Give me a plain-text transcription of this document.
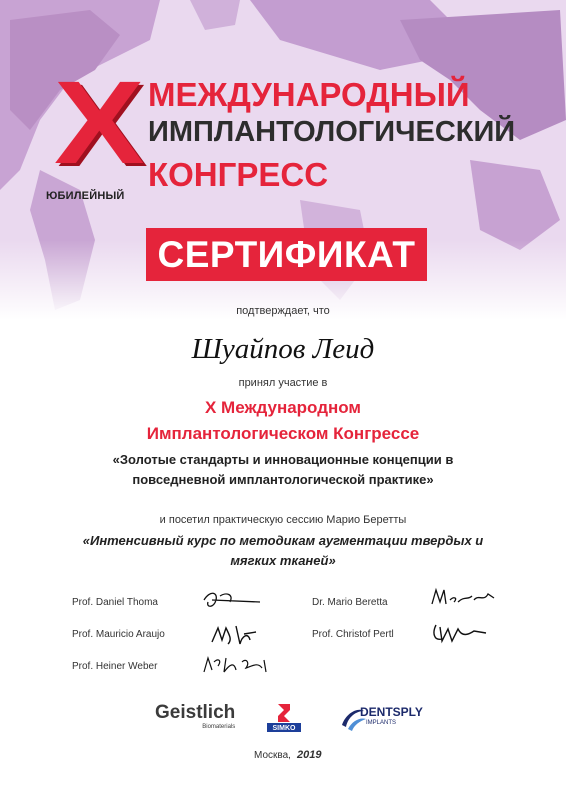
X
ЮБИЛЕЙНЫЙ
МЕЖДУНАРОДНЫЙ
ИМПЛАНТОЛОГИЧЕСКИЙ
КОНГРЕСС
СЕРТИФИКАТ
подтверждает, что
Шуайпов Леид
принял участие в
X Международном
Имплантологическом Конгрессе
«Золотые стандарты и инновационные концепции в
повседневной имплантологической практике»
и посетил практическую сессию Марио Беретты
«Интенсивный курс по методикам аугментации твердых и
мягких тканей»
Prof. Daniel Thoma	Dr. Mario Beretta
Prof. Mauricio Araujo	Prof. Christof Pertl
Prof. Heiner Weber
Geistlich
Biomaterials	SIMKO
DENTSPLY
IMPLANTS
Москва, 2019
